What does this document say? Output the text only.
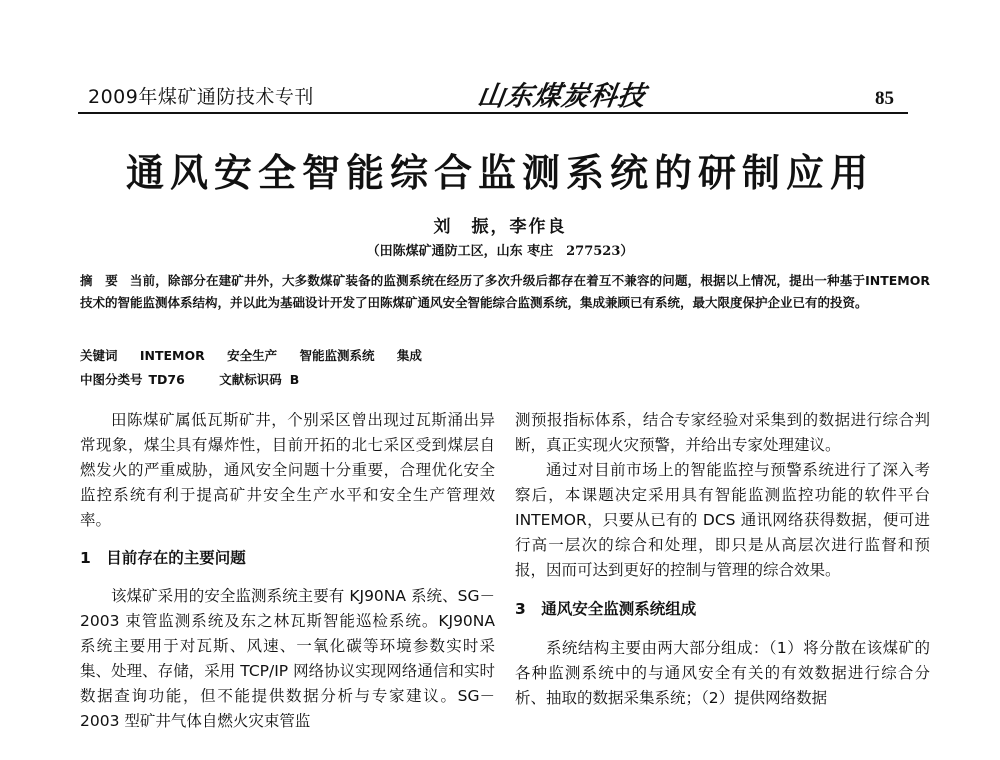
2009年煤矿通防技术专刊	山东煤炭科技	85
通风安全智能综合监测系统的研制应用
刘　振，李作良
（田陈煤矿通防工区，山东 枣庄　277523）
摘 要 当前，除部分在建矿井外，大多数煤矿装备的监测系统在经历了多次升级后都存在着互不兼容的问题，根据以上情况，提出一种基于INTEMOR技术的智能监测体系结构，并以此为基础设计开发了田陈煤矿通风安全智能综合监测系统，集成兼顾已有系统，最大限度保护企业已有的投资。
关键词 INTEMOR 安全生产 智能监测系统 集成
中图分类号 TD76	文献标识码 B

田陈煤矿属低瓦斯矿井，个别采区曾出现过瓦斯涌出异常现象，煤尘具有爆炸性，目前开拓的北七采区受到煤层自燃发火的严重威胁，通风安全问题十分重要，合理优化安全监控系统有利于提高矿井安全生产水平和安全生产管理效率。

1　目前存在的主要问题

该煤矿采用的安全监测系统主要有 KJ90NA 系统、SG－2003 束管监测系统及东之林瓦斯智能巡检系统。KJ90NA 系统主要用于对瓦斯、风速、一氧化碳等环境参数实时采集、处理、存储，采用 TCP/IP 网络协议实现网络通信和实时数据查询功能，但不能提供数据分析与专家建议。SG－2003 型矿井气体自燃火灾束管监

测预报指标体系，结合专家经验对采集到的数据进行综合判断，真正实现火灾预警，并给出专家处理建议。

通过对目前市场上的智能监控与预警系统进行了深入考察后，本课题决定采用具有智能监测监控功能的软件平台 INTEMOR，只要从已有的 DCS 通讯网络获得数据，便可进行高一层次的综合和处理，即只是从高层次进行监督和预报，因而可达到更好的控制与管理的综合效果。

3　通风安全监测系统组成

系统结构主要由两大部分组成：（1）将分散在该煤矿的各种监测系统中的与通风安全有关的有效数据进行综合分析、抽取的数据采集系统；（2）提供网络数据
